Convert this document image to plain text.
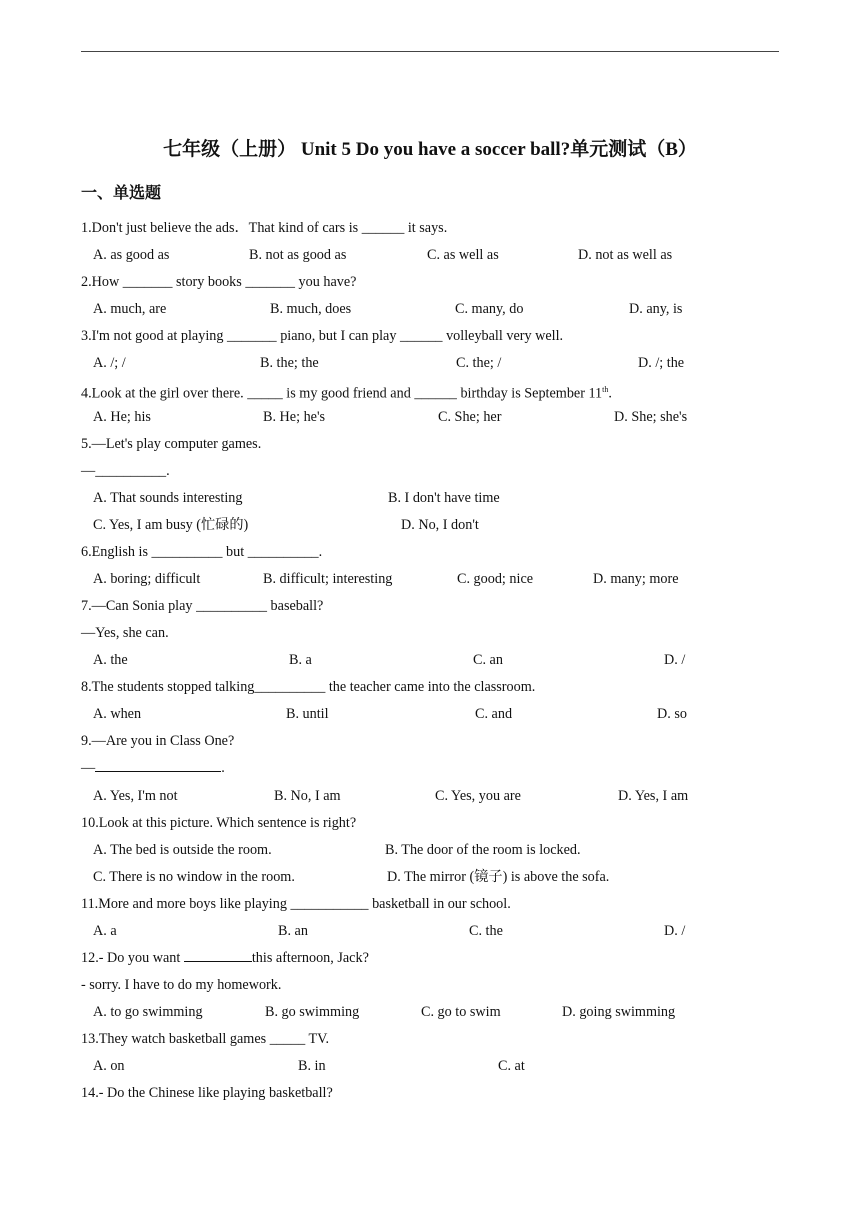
七年级（上册） Unit 5 Do you have a soccer ball?单元测试（B）
一、单选题
1.Don't just believe the ads．That kind of cars is ______ it says.
A. as good as	B. not as good as	C. as well as	D. not as well as
2.How _______ story books _______ you have?
A. much, are	B. much, does	C. many, do	D. any, is
3.I'm not good at playing _______ piano, but I can play ______ volleyball very well.
A. /; /	B. the; the	C. the; /	D. /; the
4.Look at the girl over there. _____ is my good friend and ______ birthday is September 11th.
A. He; his	B. He; he's	C. She; her	D. She; she's
5.—Let's play computer games.
—__________.
A. That sounds interesting	B. I don't have time
C. Yes, I am busy (忙碌的)	D. No, I don't
6.English is __________ but __________.
A. boring; difficult	B. difficult; interesting	C. good; nice	D. many; more
7.—Can Sonia play __________ baseball?
—Yes, she can.
A. the	B. a	C. an	D. /
8.The students stopped talking__________ the teacher came into the classroom.
A. when	B. until	C. and	D. so
9.—Are you in Class One?
—	.
A. Yes, I'm not	B. No, I am	C. Yes, you are	D. Yes, I am
10.Look at this picture. Which sentence is right?
A. The bed is outside the room.	B. The door of the room is locked.
C. There is no window in the room.	D. The mirror (镜子) is above the sofa.
11.More and more boys like playing ___________ basketball in our school.
A. a	B. an	C. the	D. /
12.- Do you want	this afternoon, Jack?
- sorry. I have to do my homework.
A. to go swimming	B. go swimming	C. go to swim	D. going swimming
13.They watch basketball games _____ TV.
A. on	B. in	C. at
14.- Do the Chinese like playing basketball?
